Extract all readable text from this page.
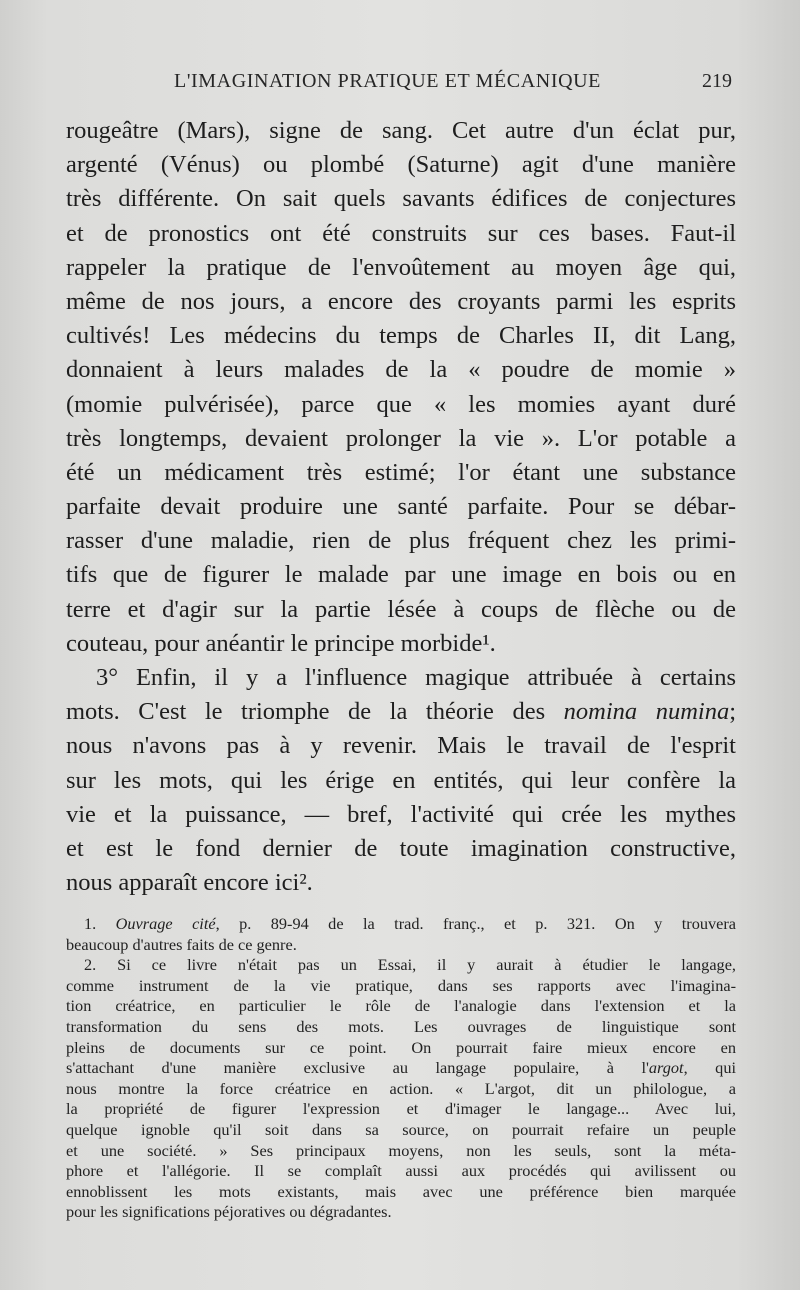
L'IMAGINATION PRATIQUE ET MÉCANIQUE	219
rougeâtre (Mars), signe de sang. Cet autre d'un éclat pur,
argenté (Vénus) ou plombé (Saturne) agit d'une manière
très différente. On sait quels savants édifices de conjectures
et de pronostics ont été construits sur ces bases. Faut-il
rappeler la pratique de l'envoûtement au moyen âge qui,
même de nos jours, a encore des croyants parmi les esprits
cultivés! Les médecins du temps de Charles II, dit Lang,
donnaient à leurs malades de la « poudre de momie »
(momie pulvérisée), parce que « les momies ayant duré
très longtemps, devaient prolonger la vie ». L'or potable a
été un médicament très estimé; l'or étant une substance
parfaite devait produire une santé parfaite. Pour se débar-
rasser d'une maladie, rien de plus fréquent chez les primi-
tifs que de figurer le malade par une image en bois ou en
terre et d'agir sur la partie lésée à coups de flèche ou de
couteau, pour anéantir le principe morbide¹.
3° Enfin, il y a l'influence magique attribuée à certains
mots. C'est le triomphe de la théorie des nomina numina;
nous n'avons pas à y revenir. Mais le travail de l'esprit
sur les mots, qui les érige en entités, qui leur confère la
vie et la puissance, — bref, l'activité qui crée les mythes
et est le fond dernier de toute imagination constructive,
nous apparaît encore ici².
1. Ouvrage cité, p. 89-94 de la trad. franç., et p. 321. On y trouvera
beaucoup d'autres faits de ce genre.
2. Si ce livre n'était pas un Essai, il y aurait à étudier le langage,
comme instrument de la vie pratique, dans ses rapports avec l'imagina-
tion créatrice, en particulier le rôle de l'analogie dans l'extension et la
transformation du sens des mots. Les ouvrages de linguistique sont
pleins de documents sur ce point. On pourrait faire mieux encore en
s'attachant d'une manière exclusive au langage populaire, à l'argot, qui
nous montre la force créatrice en action. « L'argot, dit un philologue, a
la propriété de figurer l'expression et d'imager le langage... Avec lui,
quelque ignoble qu'il soit dans sa source, on pourrait refaire un peuple
et une société. » Ses principaux moyens, non les seuls, sont la méta-
phore et l'allégorie. Il se complaît aussi aux procédés qui avilissent ou
ennoblissent les mots existants, mais avec une préférence bien marquée
pour les significations péjoratives ou dégradantes.
